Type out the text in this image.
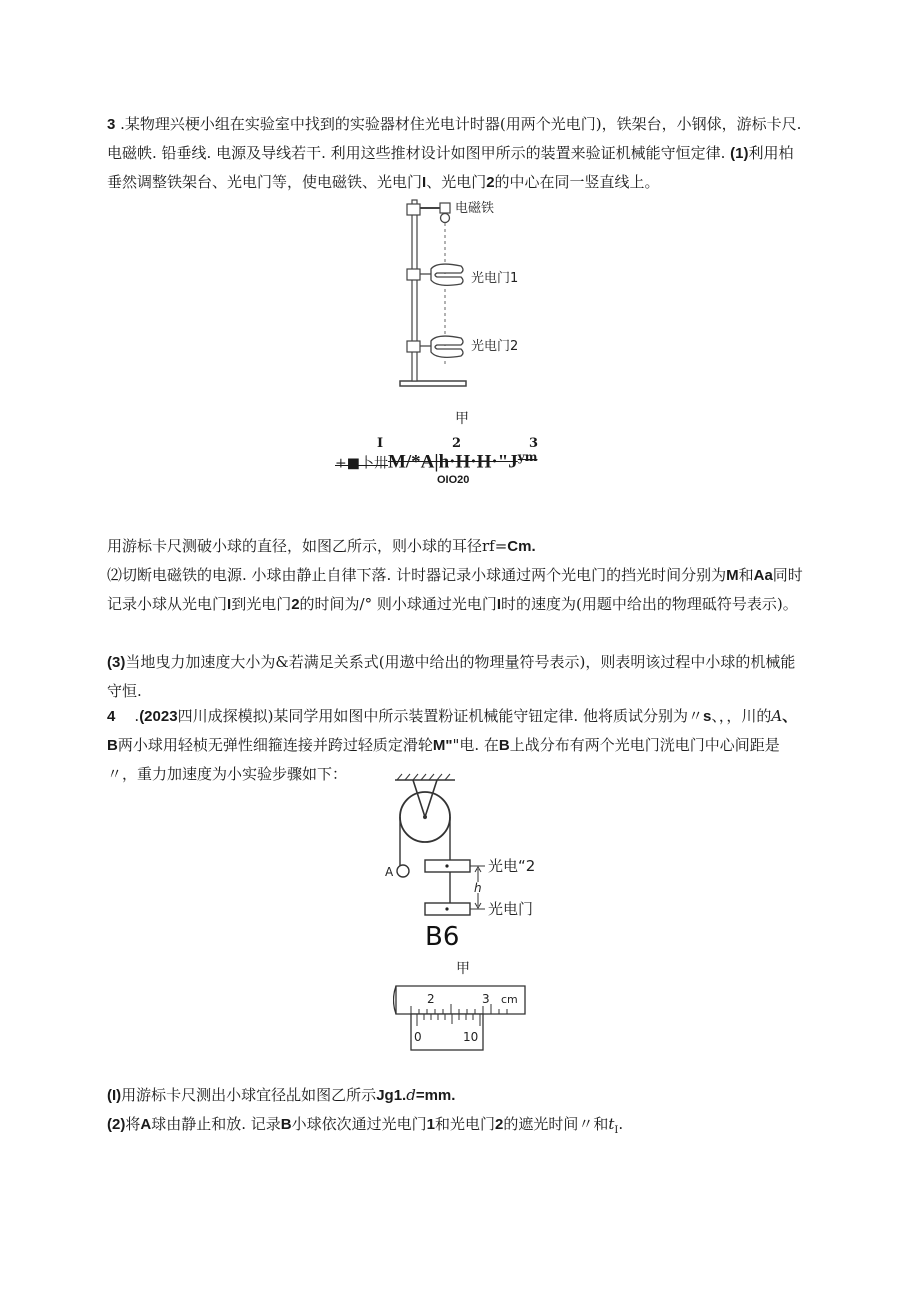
3 .某物理兴梗小组在实验室中找到的实验器材住光电计时器(用两个光电门)，铁架台，小钢俅，游标卡尺. 电磁帙. 铅垂线. 电源及导线若干. 利用这些推材设计如图甲所示的装置来验证机械能守恒定律. (1)利用柏垂然调整铁架台、光电门等，使电磁铁、光电门I、光电门2的中心在同一竖直线上。

电磁铁
光电门1
光电门2
甲
I	2	3
+■卜卅$M/*A|h\cdot H\cdot H\cdot"J^{ym}$
OIO20

用游标卡尺测破小球的直径，如图乙所示，则小球的耳径rf=Cm.

⑵切断电磁铁的电源. 小球由静止自律下落. 计时器记录小球通过两个光电门的挡光时间分别为M和Aa同时记录小球从光电门I到光电门2的时间为/° 则小球通过光电门I时的速度为(用题中给出的物理砥符号表示)。

(3)当地曳力加速度大小为&若满足关系式(用遨中给出的物理量符号表示)，则表明该过程中小球的机械能守恒.

4    .(2023四川成探模拟)某同学用如图中所示装置粉证机械能守钮定律. 他将质试分别为〃s、，，川的A、B两小球用轻桢无弹性细箍连接并跨过轻质定滑轮M""电. 在B上战分布有两个光电门洸电门中心间距是〃，重力加速度为小实验步骤如下：

A
h
光电“2
光电门
B6
甲
2	3 cm
0	10

(I)用游标卡尺测出小球宜径乩如图乙所示Jg1.d=mm.

(2)将A球由静止和放. 记录B小球依次通过光电门1和光电门2的遮光时间〃和$t_I$.
